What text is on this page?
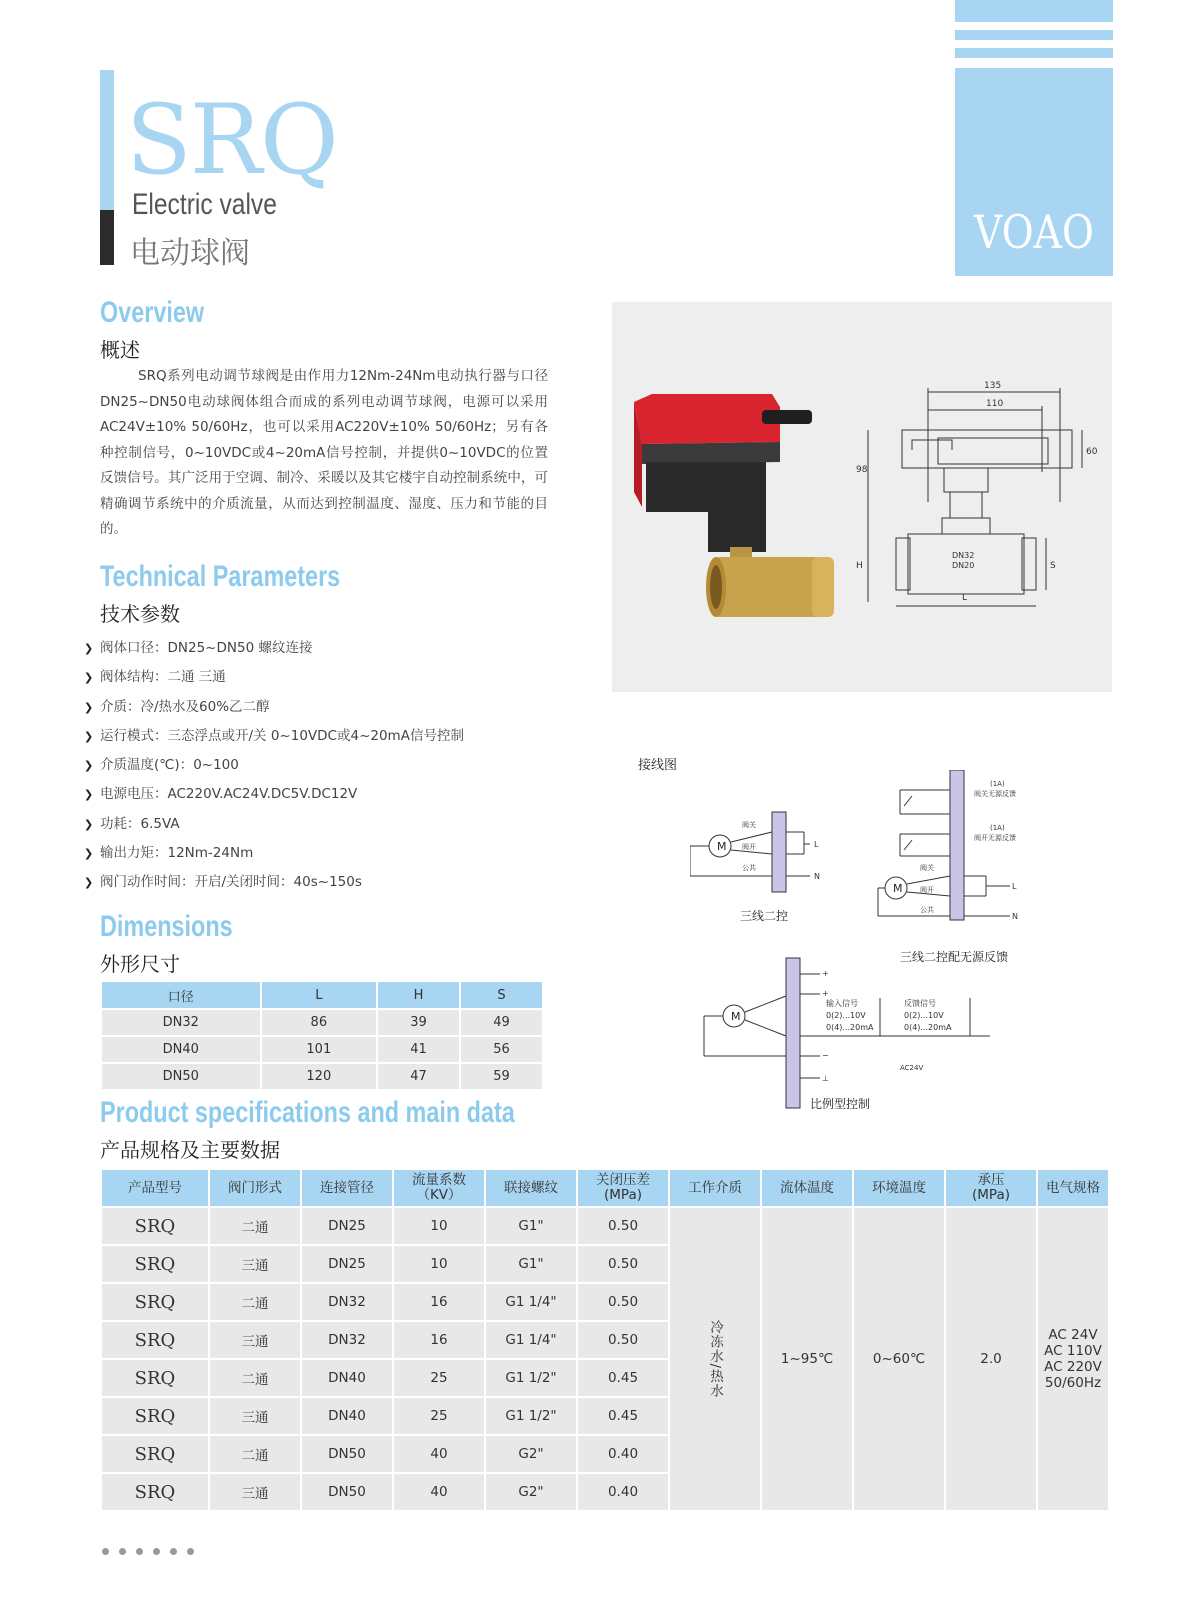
SRQ
Electric valve
电动球阀	VOAO
Overview
概述
SRQ系列电动调节球阀是由作用力12Nm-24Nm电动执行器与口径DN25~DN50电动球阀体组合而成的系列电动调节球阀，电源可以采用AC24V±10% 50/60Hz，也可以采用AC220V±10% 50/60Hz；另有各种控制信号，0~10VDC或4~20mA信号控制，并提供0~10VDC的位置反馈信号。其广泛用于空调、制冷、采暖以及其它楼宇自动控制系统中，可精确调节系统中的介质流量，从而达到控制温度、湿度、压力和节能的目的。
Technical Parameters
技术参数
❯ 阀体口径：DN25~DN50 螺纹连接
❯ 阀体结构：二通 三通
❯ 介质：冷/热水及60%乙二醇
❯ 运行模式：三态浮点或开/关 0~10VDC或4~20mA信号控制
❯ 介质温度(℃)：0~100
❯ 电源电压：AC220V.AC24V.DC5V.DC12V
❯ 功耗：6.5VA
❯ 输出力矩：12Nm-24Nm
❯ 阀门动作时间：开启/关闭时间：40s~150s
Dimensions
外形尺寸
口径	L	H	S
DN32	86	39	49
DN40	101	41	56
DN50	120	47	59
135
110
98
60
H
L
S
DN32
DN20
接线图
M
阀关
阀开
公共
L
N
三线二控
M
(1A)
阀关无源反馈
(1A)
阀开无源反馈
阀关
阀开
公共
L
N
三线二控配无源反馈
M
输入信号
0(2)...10V
0(4)...20mA
反馈信号
0(2)...10V
0(4)...20mA
+
+
−
⊥
AC24V
比例型控制
Product specifications and main data
产品规格及主要数据
产品型号	阀门形式	连接管径	流量系数
（KV）	联接螺纹	关闭压差
(MPa)	工作介质	流体温度	环境温度	承压
(MPa)	电气规格
SRQ	二通	DN25	10	G1"	0.50	冷冻水/热水	1~95℃	0~60℃	2.0	AC 24V
AC 110V
AC 220V
50/60Hz

SRQ	三通	DN25	10	G1"	0.50					
SRQ	二通	DN32	16	G1 1/4"	0.50					
SRQ	三通	DN32	16	G1 1/4"	0.50					
SRQ	二通	DN40	25	G1 1/2"	0.45					
SRQ	三通	DN40	25	G1 1/2"	0.45					
SRQ	二通	DN50	40	G2"	0.40					
SRQ	三通	DN50	40	G2"	0.40					
